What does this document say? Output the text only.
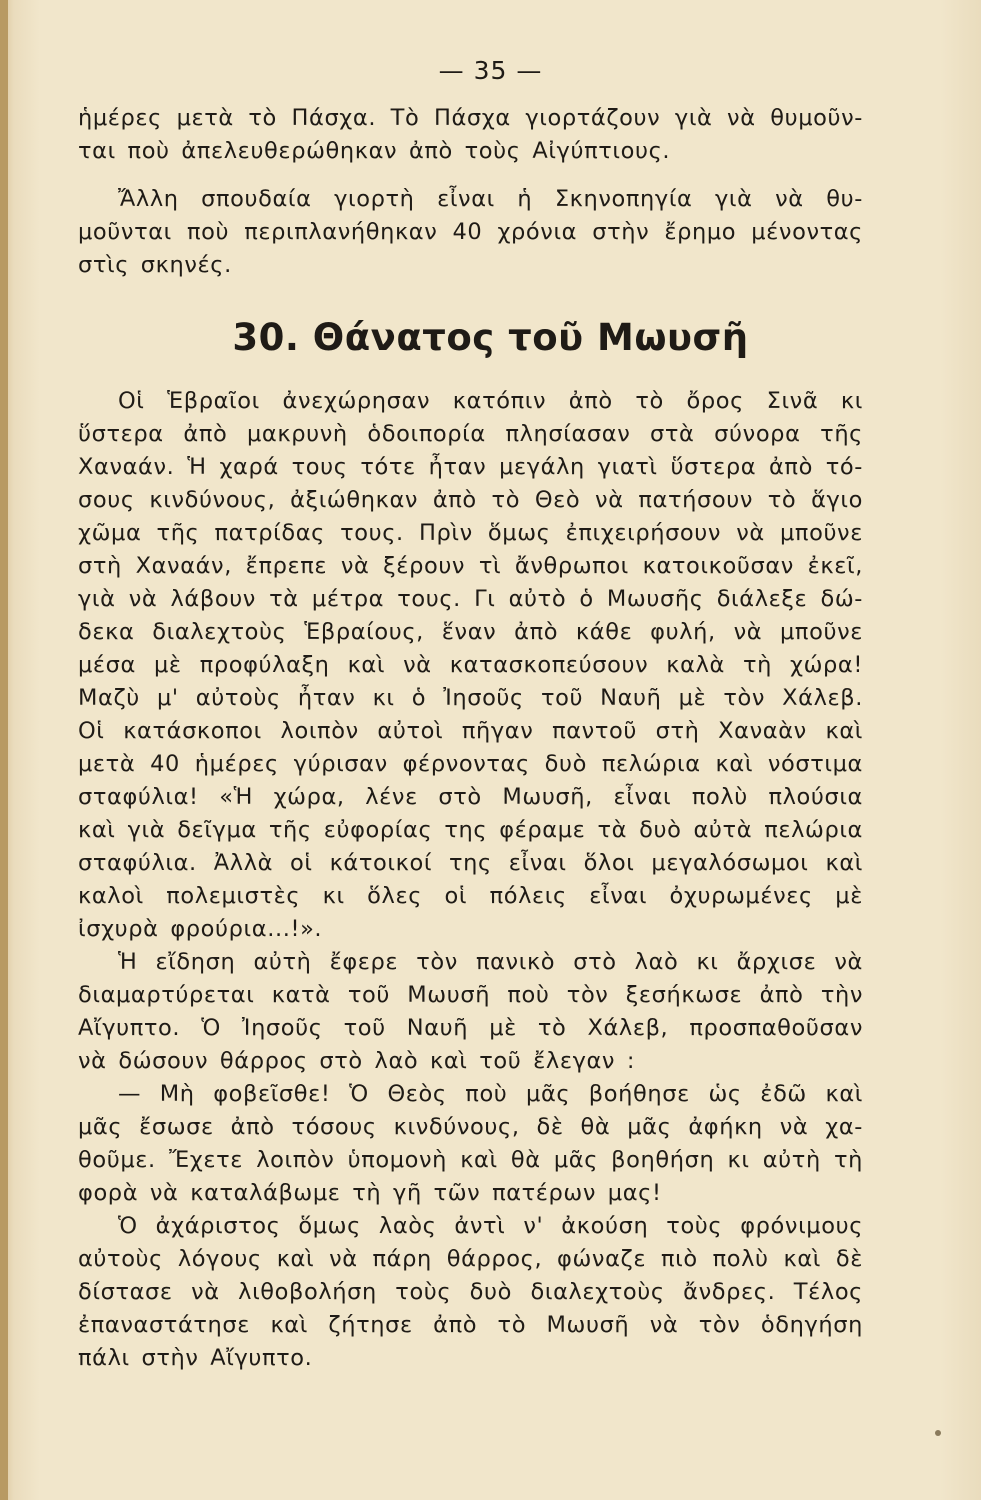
— 35 —
ἡμέρες μετὰ τὸ Πάσχα. Τὸ Πάσχα γιορτάζουν γιὰ νὰ θυμοῦν-
ται ποὺ ἀπελευθερώθηκαν ἀπὸ τοὺς Αἰγύπτιους.
Ἄλλη σπουδαία γιορτὴ εἶναι ἡ Σκηνοπηγία γιὰ νὰ θυ-
μοῦνται ποὺ περιπλανήθηκαν 40 χρόνια στὴν ἔρημο μένοντας
στὶς σκηνές.
30. Θάνατος τοῦ Μωυσῆ
Οἱ Ἑβραῖοι ἀνεχώρησαν κατόπιν ἀπὸ τὸ ὄρος Σινᾶ κι
ὕστερα ἀπὸ μακρυνὴ ὁδοιπορία πλησίασαν στὰ σύνορα τῆς
Χαναάν. Ἡ χαρά τους τότε ἦταν μεγάλη γιατὶ ὕστερα ἀπὸ τό-
σους κινδύνους, ἀξιώθηκαν ἀπὸ τὸ Θεὸ νὰ πατήσουν τὸ ἅγιο
χῶμα τῆς πατρίδας τους. Πρὶν ὅμως ἐπιχειρήσουν νὰ μποῦνε
στὴ Χαναάν, ἔπρεπε νὰ ξέρουν τὶ ἄνθρωποι κατοικοῦσαν ἐκεῖ,
γιὰ νὰ λάβουν τὰ μέτρα τους. Γι αὐτὸ ὁ Μωυσῆς διάλεξε δώ-
δεκα διαλεχτοὺς Ἑβραίους, ἕναν ἀπὸ κάθε φυλή, νὰ μποῦνε
μέσα μὲ προφύλαξη καὶ νὰ κατασκοπεύσουν καλὰ τὴ χώρα!
Μαζὺ μ' αὐτοὺς ἦταν κι ὁ Ἰησοῦς τοῦ Ναυῆ μὲ τὸν Χάλεβ.
Οἱ κατάσκοποι λοιπὸν αὐτοὶ πῆγαν παντοῦ στὴ Χαναὰν καὶ
μετὰ 40 ἡμέρες γύρισαν φέρνοντας δυὸ πελώρια καὶ νόστιμα
σταφύλια! «Ἡ χώρα, λένε στὸ Μωυσῆ, εἶναι πολὺ πλούσια
καὶ γιὰ δεῖγμα τῆς εὐφορίας της φέραμε τὰ δυὸ αὐτὰ πελώρια
σταφύλια. Ἀλλὰ οἱ κάτοικοί της εἶναι ὅλοι μεγαλόσωμοι καὶ
καλοὶ πολεμιστὲς κι ὅλες οἱ πόλεις εἶναι ὀχυρωμένες μὲ
ἰσχυρὰ φρούρια...!».
Ἡ εἴδηση αὐτὴ ἔφερε τὸν πανικὸ στὸ λαὸ κι ἄρχισε νὰ
διαμαρτύρεται κατὰ τοῦ Μωυσῆ ποὺ τὸν ξεσήκωσε ἀπὸ τὴν
Αἴγυπτο. Ὁ Ἰησοῦς τοῦ Ναυῆ μὲ τὸ Χάλεβ, προσπαθοῦσαν
νὰ δώσουν θάρρος στὸ λαὸ καὶ τοῦ ἔλεγαν :
— Μὴ φοβεῖσθε! Ὁ Θεὸς ποὺ μᾶς βοήθησε ὡς ἐδῶ καὶ
μᾶς ἔσωσε ἀπὸ τόσους κινδύνους, δὲ θὰ μᾶς ἀφήκη νὰ χα-
θοῦμε. Ἔχετε λοιπὸν ὑπομονὴ καὶ θὰ μᾶς βοηθήση κι αὐτὴ τὴ
φορὰ νὰ καταλάβωμε τὴ γῆ τῶν πατέρων μας!
Ὁ ἀχάριστος ὅμως λαὸς ἀντὶ ν' ἀκούση τοὺς φρόνιμους
αὐτοὺς λόγους καὶ νὰ πάρη θάρρος, φώναζε πιὸ πολὺ καὶ δὲ
δίστασε νὰ λιθοβολήση τοὺς δυὸ διαλεχτοὺς ἄνδρες. Τέλος
ἐπαναστάτησε καὶ ζήτησε ἀπὸ τὸ Μωυσῆ νὰ τὸν ὁδηγήση
πάλι στὴν Αἴγυπτο.
